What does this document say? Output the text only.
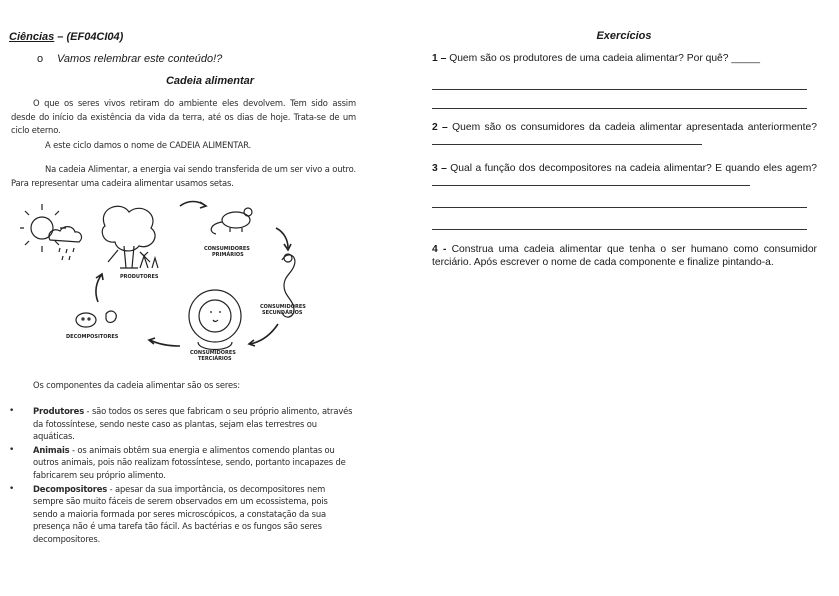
Ciências – (EF04CI04)
o Vamos relembrar este conteúdo!?
Cadeia alimentar
O que os seres vivos retiram do ambiente eles devolvem. Tem sido assim desde do início da existência da vida da terra, até os dias de hoje. Trata-se de um ciclo eterno.
A este ciclo damos o nome de CADEIA ALIMENTAR.
Na cadeia Alimentar, a energia vai sendo transferida de um ser vivo a outro. Para representar uma cadeira alimentar usamos setas.
PRODUTORES
CONSUMIDORES
PRIMÁRIOS
CONSUMIDORES
SECUNDÁRIOS
CONSUMIDORES
TERCIÁRIOS
DECOMPOSITORES
Os componentes da cadeia alimentar são os seres:
• Produtores - são todos os seres que fabricam o seu próprio alimento, através da fotossíntese, sendo neste caso as plantas, sejam elas terrestres ou aquáticas.
• Animais - os animais obtêm sua energia e alimentos comendo plantas ou outros animais, pois não realizam fotossíntese, sendo, portanto incapazes de fabricarem seu próprio alimento.
• Decompositores - apesar da sua importância, os decompositores nem sempre são muito fáceis de serem observados em um ecossistema, pois sendo a maioria formada por seres microscópicos, a constatação da sua presença não é uma tarefa tão fácil. As bactérias e os fungos são seres decompositores.
Exercícios
1 – Quem são os produtores de uma cadeia alimentar? Por quê? _____
2 – Quem são os consumidores da cadeia alimentar apresentada anteriormente?
3 – Qual a função dos decompositores na cadeia alimentar? E quando eles agem?
4 - Construa uma cadeia alimentar que tenha o ser humano como consumidor terciário. Após escrever o nome de cada componente e finalize pintando-a.
